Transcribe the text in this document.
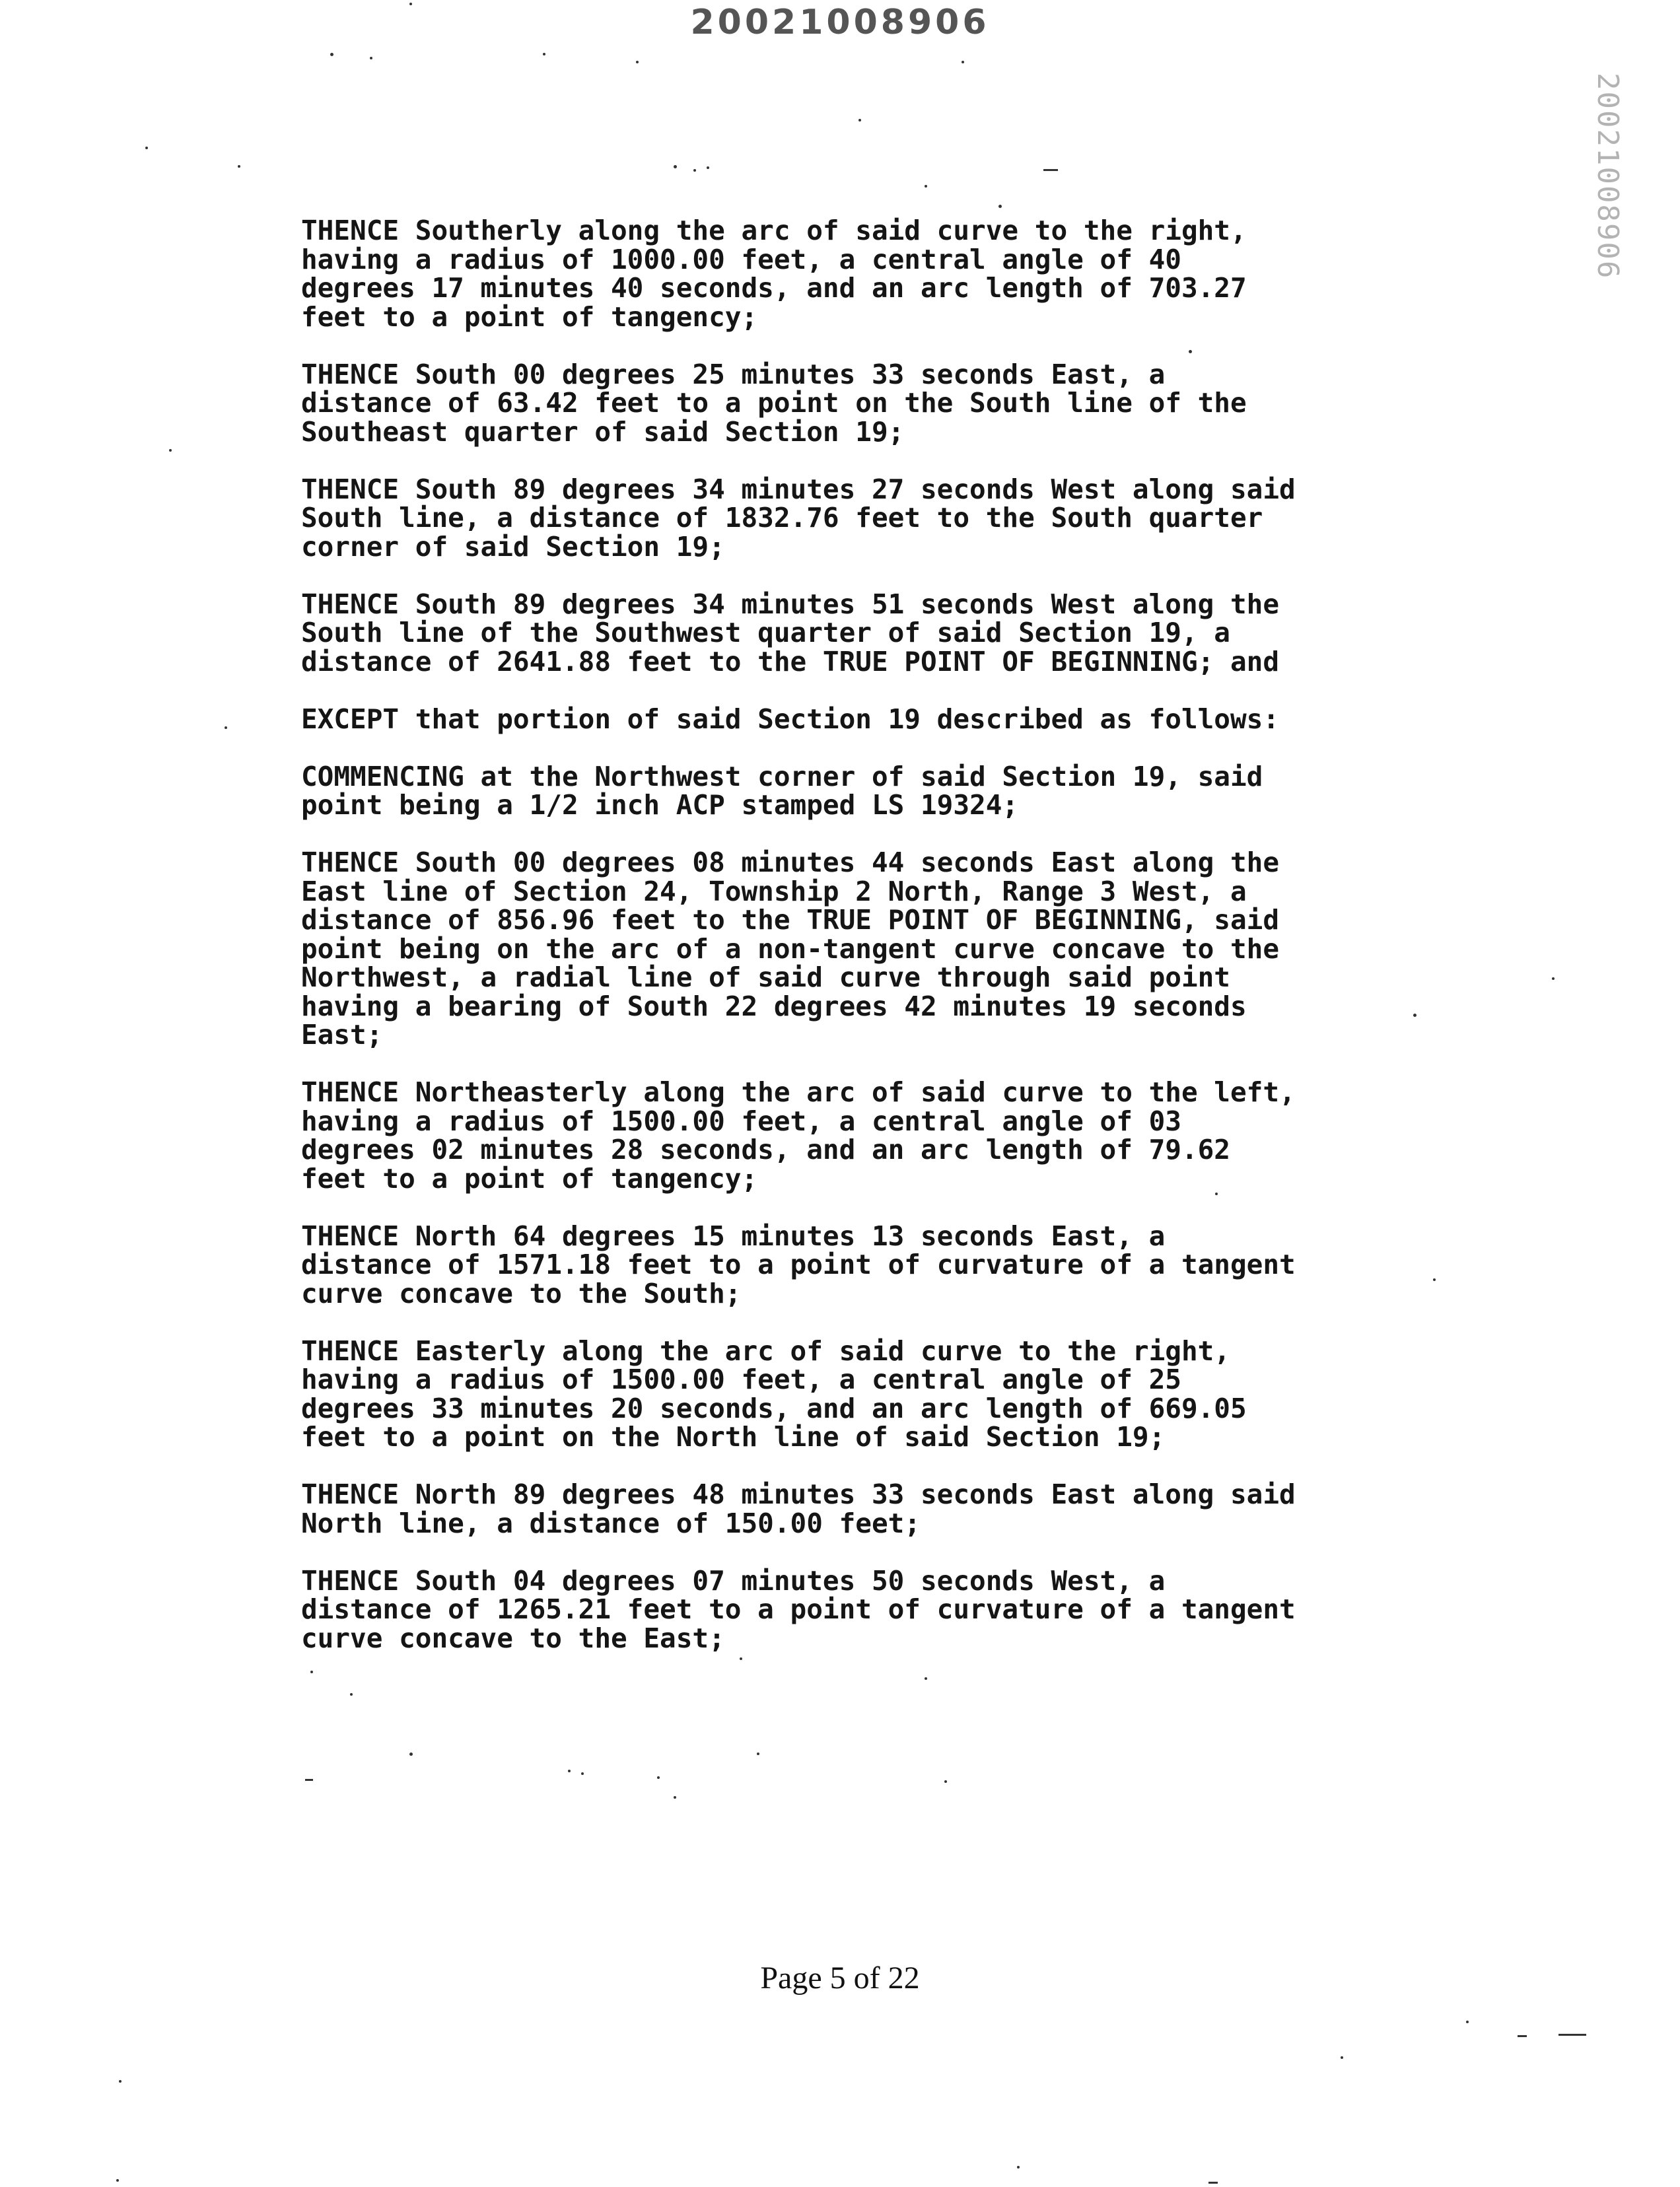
20021008906
20021008906

THENCE Southerly along the arc of said curve to the right,
having a radius of 1000.00 feet, a central angle of 40
degrees 17 minutes 40 seconds, and an arc length of 703.27
feet to a point of tangency;

THENCE South 00 degrees 25 minutes 33 seconds East, a
distance of 63.42 feet to a point on the South line of the
Southeast quarter of said Section 19;

THENCE South 89 degrees 34 minutes 27 seconds West along said
South line, a distance of 1832.76 feet to the South quarter
corner of said Section 19;

THENCE South 89 degrees 34 minutes 51 seconds West along the
South line of the Southwest quarter of said Section 19, a
distance of 2641.88 feet to the TRUE POINT OF BEGINNING; and

EXCEPT that portion of said Section 19 described as follows:

COMMENCING at the Northwest corner of said Section 19, said
point being a 1/2 inch ACP stamped LS 19324;

THENCE South 00 degrees 08 minutes 44 seconds East along the
East line of Section 24, Township 2 North, Range 3 West, a
distance of 856.96 feet to the TRUE POINT OF BEGINNING, said
point being on the arc of a non-tangent curve concave to the
Northwest, a radial line of said curve through said point
having a bearing of South 22 degrees 42 minutes 19 seconds
East;

THENCE Northeasterly along the arc of said curve to the left,
having a radius of 1500.00 feet, a central angle of 03
degrees 02 minutes 28 seconds, and an arc length of 79.62
feet to a point of tangency;

THENCE North 64 degrees 15 minutes 13 seconds East, a
distance of 1571.18 feet to a point of curvature of a tangent
curve concave to the South;

THENCE Easterly along the arc of said curve to the right,
having a radius of 1500.00 feet, a central angle of 25
degrees 33 minutes 20 seconds, and an arc length of 669.05
feet to a point on the North line of said Section 19;

THENCE North 89 degrees 48 minutes 33 seconds East along said
North line, a distance of 150.00 feet;

THENCE South 04 degrees 07 minutes 50 seconds West, a
distance of 1265.21 feet to a point of curvature of a tangent
curve concave to the East;

Page 5 of 22
